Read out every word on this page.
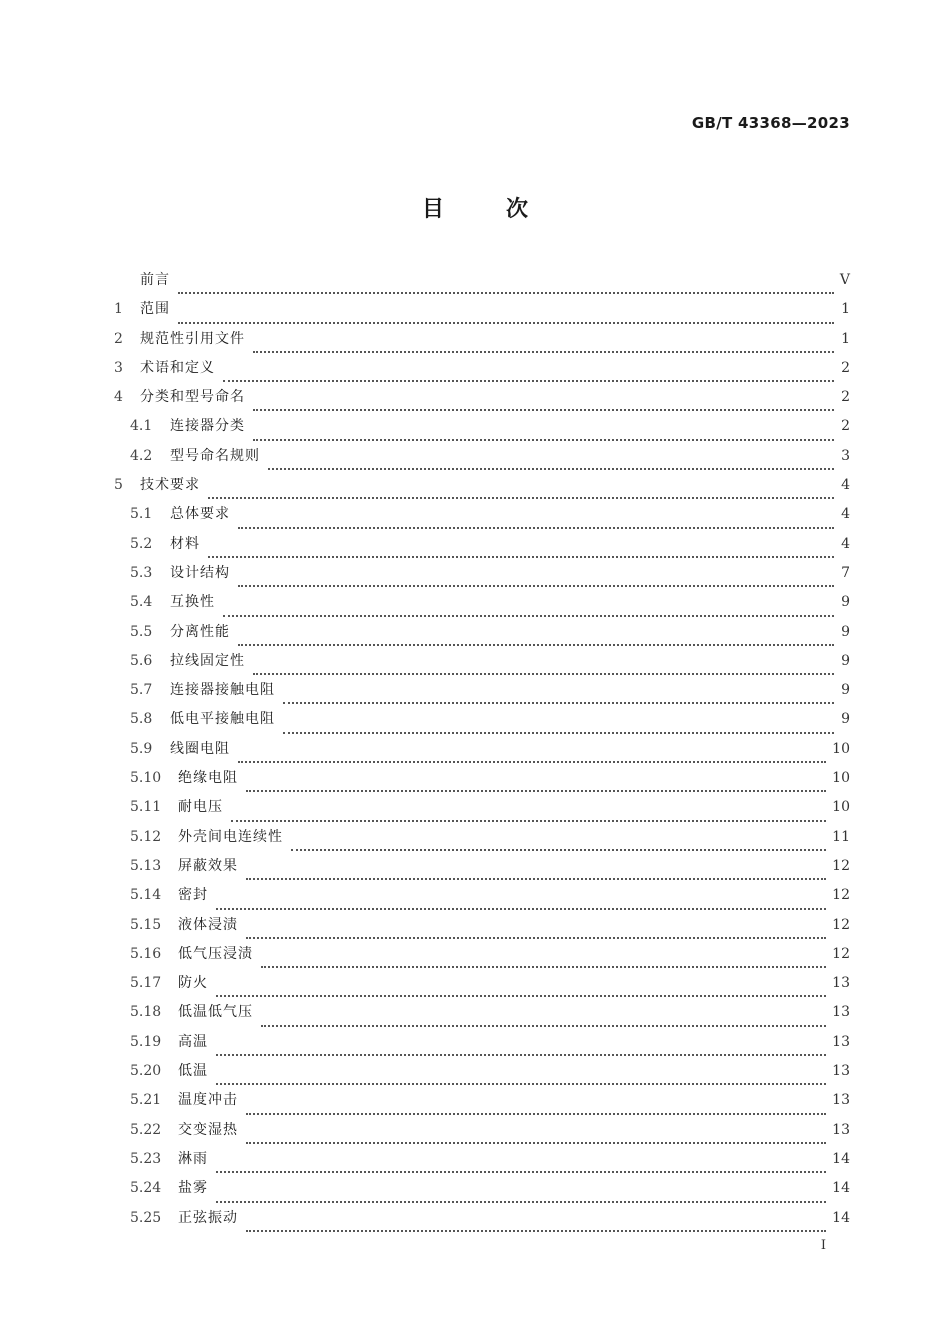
GB/T 43368—2023
目	次
前言	V
1	范围	1
2	规范性引用文件	1
3	术语和定义	2
4	分类和型号命名	2
4.1	连接器分类	2
4.2	型号命名规则	3
5	技术要求	4
5.1	总体要求	4
5.2	材料	4
5.3	设计结构	7
5.4	互换性	9
5.5	分离性能	9
5.6	拉线固定性	9
5.7	连接器接触电阻	9
5.8	低电平接触电阻	9
5.9	线圈电阻	10
5.10	绝缘电阻	10
5.11	耐电压	10
5.12	外壳间电连续性	11
5.13	屏蔽效果	12
5.14	密封	12
5.15	液体浸渍	12
5.16	低气压浸渍	12
5.17	防火	13
5.18	低温低气压	13
5.19	高温	13
5.20	低温	13
5.21	温度冲击	13
5.22	交变湿热	13
5.23	淋雨	14
5.24	盐雾	14
5.25	正弦振动	14
I
